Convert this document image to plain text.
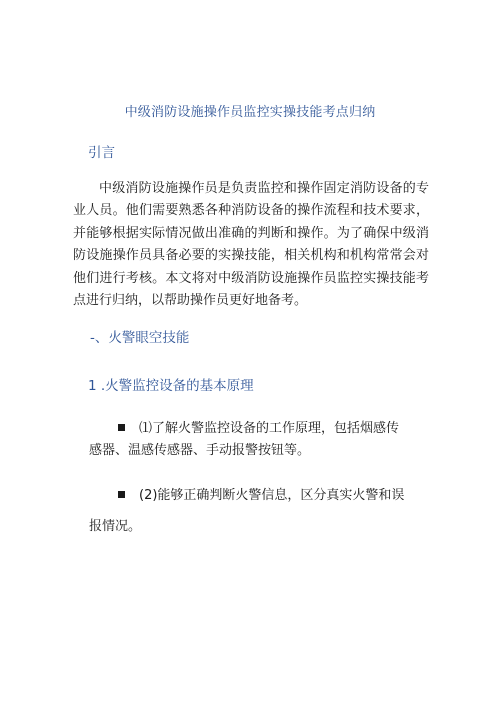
中级消防设施操作员监控实操技能考点归纳
引言

中级消防设施操作员是负责监控和操作固定消防设备的专业人员。他们需要熟悉各种消防设备的操作流程和技术要求，并能够根据实际情况做出准确的判断和操作。为了确保中级消防设施操作员具备必要的实操技能，相关机构和机构常常会对他们进行考核。本文将对中级消防设施操作员监控实操技能考点进行归纳，以帮助操作员更好地备考。

-、火警眼空技能
1 .火警监控设备的基本原理
⑴了解火警监控设备的工作原理，包括烟感传
感器、温感传感器、手动报警按钮等。
(2)能够正确判断火警信息，区分真实火警和误
报情况。
